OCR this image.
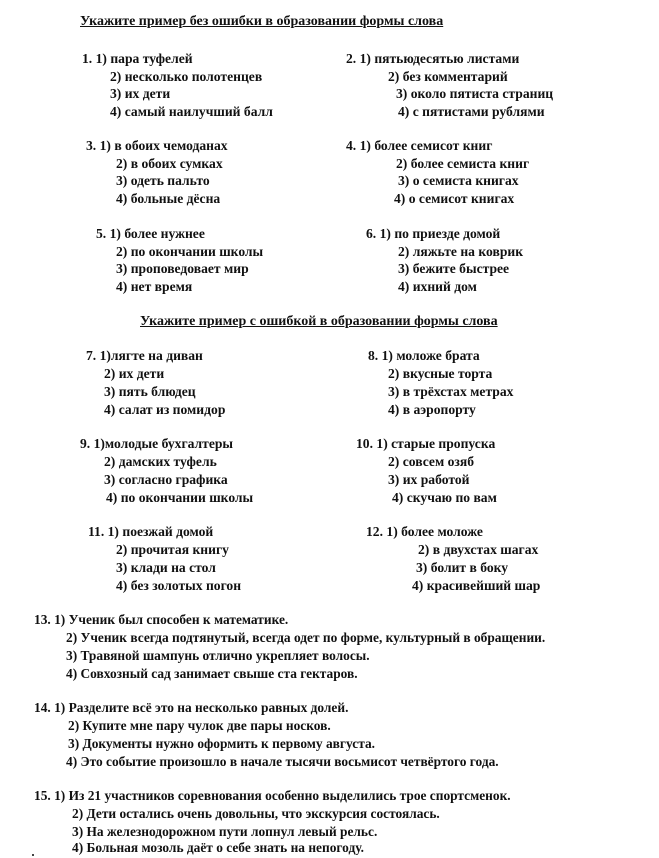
Укажите пример без ошибки в образовании формы слова
1. 1) пара туфелей
2) несколько полотенцев
3) их дети
4) самый наилучший балл
2. 1) пятьюдесятью листами
2) без комментарий
3) около пятиста страниц
4) с пятистами рублями
3. 1) в обоих чемоданах
2) в обоих сумках
3) одеть пальто
4) больные дёсна
4. 1) более семисот книг
2) более семиста книг
3) о семиста книгах
4) о семисот книгах
5. 1) более нужнее
2) по окончании школы
3) проповедовает мир
4) нет время
6. 1) по приезде домой
2) ляжьте на коврик
3) бежите быстрее
4) ихний дом
Укажите пример с ошибкой в образовании формы слова
7. 1)лягте на диван
2) их дети
3) пять блюдец
4) салат из помидор
8. 1) моложе брата
2) вкусные торта
3) в трёхстах метрах
4) в аэропорту
9. 1)молодые бухгалтеры
2) дамских туфель
3) согласно графика
4) по окончании школы
10. 1) старые пропуска
2) совсем озяб
3) их работой
4) скучаю по вам
11. 1) поезжай домой
2) прочитая книгу
3) клади на стол
4) без золотых погон
12. 1) более моложе
2) в двухстах шагах
3) болит в боку
4) красивейший шар
13. 1) Ученик был способен к математике.
2) Ученик всегда подтянутый, всегда одет по форме, культурный в обращении.
3) Травяной шампунь отлично укрепляет волосы.
4) Совхозный сад занимает свыше ста гектаров.
14. 1) Разделите всё это на несколько равных долей.
2) Купите мне пару чулок две пары носков.
3) Документы нужно оформить к первому августа.
4) Это событие произошло в начале тысячи восьмисот четвёртого года.
15. 1) Из 21 участников соревнования особенно выделились трое спортсменок.
2) Дети остались очень довольны, что экскурсия состоялась.
3) На железнодорожном пути лопнул левый рельс.
4) Больная мозоль даёт о себе знать на непогоду.
